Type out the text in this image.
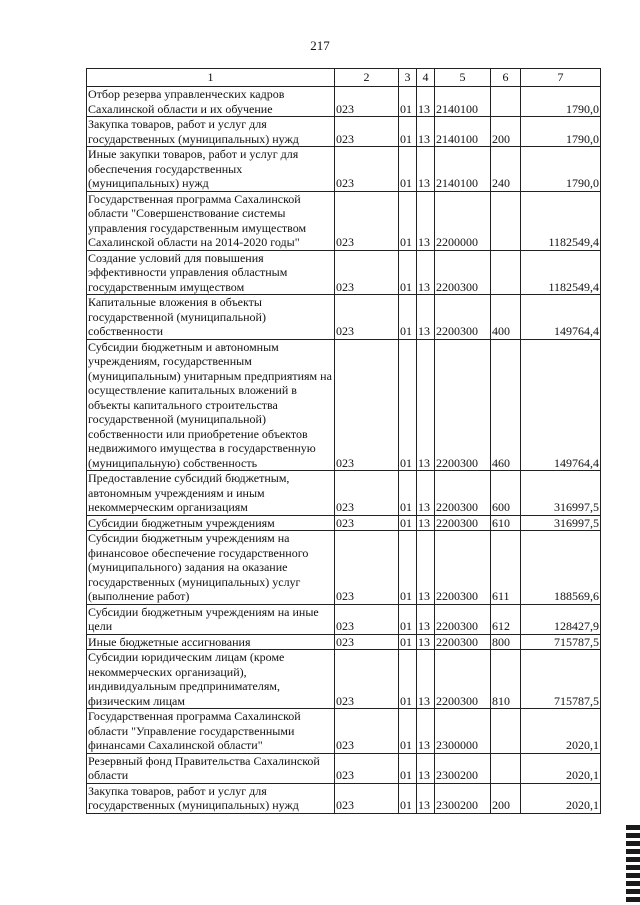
217
1	2	3	4	5	6	7
Отбор резерва управленческих кадров Сахалинской области и их обучение	023	01	13	2140100		1790,0
Закупка товаров, работ и услуг для государственных (муниципальных) нужд	023	01	13	2140100	200	1790,0
Иные закупки товаров, работ и услуг для обеспечения государственных (муниципальных) нужд	023	01	13	2140100	240	1790,0
Государственная программа Сахалинской области "Совершенствование системы управления государственным имуществом Сахалинской области на 2014-2020 годы"	023	01	13	2200000		1182549,4
Создание условий для повышения эффективности управления областным государственным имуществом	023	01	13	2200300		1182549,4
Капитальные вложения в объекты государственной (муниципальной) собственности	023	01	13	2200300	400	149764,4
Субсидии бюджетным и автономным учреждениям, государственным (муниципальным) унитарным предприятиям на осуществление капитальных вложений в объекты капитального строительства государственной (муниципальной) собственности или приобретение объектов недвижимого имущества в государственную (муниципальную) собственность	023	01	13	2200300	460	149764,4
Предоставление субсидий бюджетным, автономным учреждениям и иным некоммерческим организациям	023	01	13	2200300	600	316997,5
Субсидии бюджетным учреждениям	023	01	13	2200300	610	316997,5
Субсидии бюджетным учреждениям на финансовое обеспечение государственного (муниципального) задания на оказание государственных (муниципальных) услуг (выполнение работ)	023	01	13	2200300	611	188569,6
Субсидии бюджетным учреждениям на иные цели	023	01	13	2200300	612	128427,9
Иные бюджетные ассигнования	023	01	13	2200300	800	715787,5
Субсидии юридическим лицам (кроме некоммерческих организаций), индивидуальным предпринимателям, физическим лицам	023	01	13	2200300	810	715787,5
Государственная программа Сахалинской области "Управление государственными финансами Сахалинской области"	023	01	13	2300000		2020,1
Резервный фонд Правительства Сахалинской области	023	01	13	2300200		2020,1
Закупка товаров, работ и услуг для государственных (муниципальных) нужд	023	01	13	2300200	200	2020,1
